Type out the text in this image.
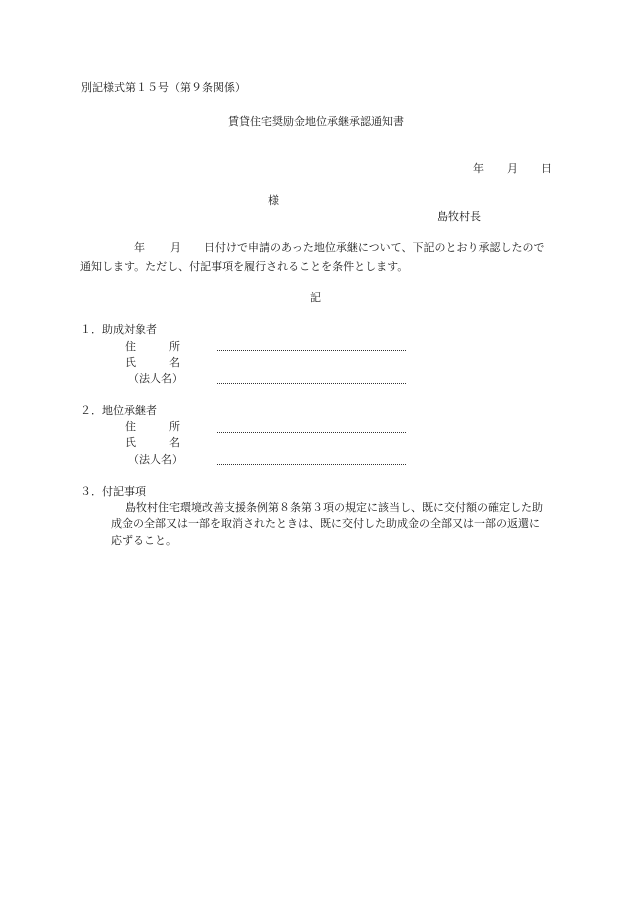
別記様式第１５号（第９条関係）
賃貸住宅奨励金地位承継承認通知書
年 月 日
様
島牧村長
年 月 日付けで申請のあった地位承継について、下記のとおり承認したので
通知します。ただし、付記事項を履行されることを条件とします。
記
１．助成対象者
住　　　所
氏　　　名
（法人名）
２．地位承継者
住　　　所
氏　　　名
（法人名）
３．付記事項
島牧村住宅環境改善支援条例第８条第３項の規定に該当し、既に交付額の確定した助
成金の全部又は一部を取消されたときは、既に交付した助成金の全部又は一部の返還に
応ずること。
